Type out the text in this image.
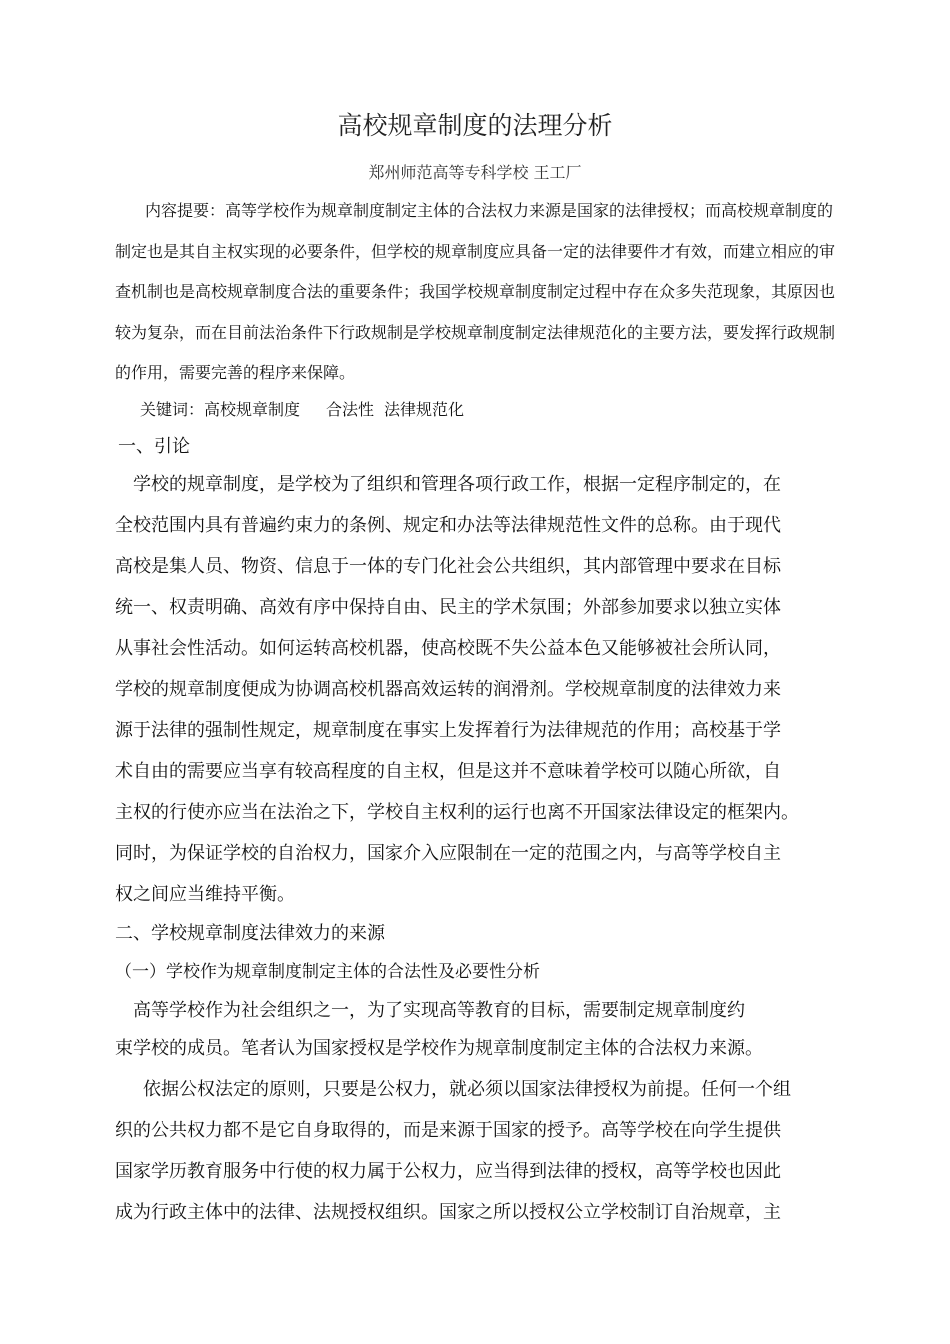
高校规章制度的法理分析
郑州师范高等专科学校 王工厂
内容提要：高等学校作为规章制度制定主体的合法权力来源是国家的法律授权；而高校规章制度的制定也是其自主权实现的必要条件，但学校的规章制度应具备一定的法律要件才有效，而建立相应的审查机制也是高校规章制度合法的重要条件；我国学校规章制度制定过程中存在众多失范现象，其原因也较为复杂，而在目前法治条件下行政规制是学校规章制度制定法律规范化的主要方法，要发挥行政规制的作用，需要完善的程序来保障。
关键词：高校规章制度 合法性 法律规范化
一、引论
学校的规章制度，是学校为了组织和管理各项行政工作，根据一定程序制定的，在
全校范围内具有普遍约束力的条例、规定和办法等法律规范性文件的总称。由于现代
高校是集人员、物资、信息于一体的专门化社会公共组织，其内部管理中要求在目标
统一、权责明确、高效有序中保持自由、民主的学术氛围；外部参加要求以独立实体
从事社会性活动。如何运转高校机器，使高校既不失公益本色又能够被社会所认同，
学校的规章制度便成为协调高校机器高效运转的润滑剂。学校规章制度的法律效力来
源于法律的强制性规定，规章制度在事实上发挥着行为法律规范的作用；高校基于学
术自由的需要应当享有较高程度的自主权，但是这并不意味着学校可以随心所欲，自
主权的行使亦应当在法治之下，学校自主权利的运行也离不开国家法律设定的框架内。
同时，为保证学校的自治权力，国家介入应限制在一定的范围之内，与高等学校自主
权之间应当维持平衡。
二、学校规章制度法律效力的来源
（一）学校作为规章制度制定主体的合法性及必要性分析
高等学校作为社会组织之一，为了实现高等教育的目标，需要制定规章制度约
束学校的成员。笔者认为国家授权是学校作为规章制度制定主体的合法权力来源。
依据公权法定的原则，只要是公权力，就必须以国家法律授权为前提。任何一个组
织的公共权力都不是它自身取得的，而是来源于国家的授予。高等学校在向学生提供
国家学历教育服务中行使的权力属于公权力，应当得到法律的授权，高等学校也因此
成为行政主体中的法律、法规授权组织。国家之所以授权公立学校制订自治规章，主
